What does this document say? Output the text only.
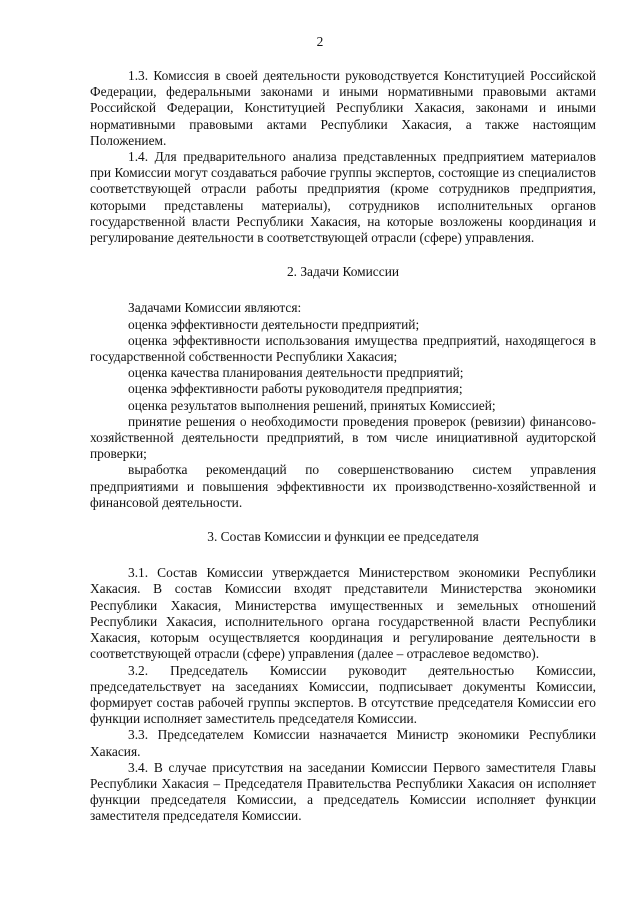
2

1.3. Комиссия в своей деятельности руководствуется Конституцией Российской Федерации, федеральными законами и иными нормативными правовыми актами Российской Федерации, Конституцией Республики Хакасия, законами и иными нормативными правовыми актами Республики Хакасия, а также настоящим Положением.

1.4. Для предварительного анализа представленных предприятием материалов при Комиссии могут создаваться рабочие группы экспертов, состоящие из специалистов соответствующей отрасли работы предприятия (кроме сотрудников предприятия, которыми представлены материалы), сотрудников исполнительных органов государственной власти Республики Хакасия, на которые возложены координация и регулирование деятельности в соответствующей отрасли (сфере) управления.

2. Задачи Комиссии

Задачами Комиссии являются:

оценка эффективности деятельности предприятий;

оценка эффективности использования имущества предприятий, находящегося в государственной собственности Республики Хакасия;

оценка качества планирования деятельности предприятий;

оценка эффективности работы руководителя предприятия;

оценка результатов выполнения решений, принятых Комиссией;

принятие решения о необходимости проведения проверок (ревизии) финансово-хозяйственной деятельности предприятий, в том числе инициативной аудиторской проверки;

выработка рекомендаций по совершенствованию систем управления предприятиями и повышения эффективности их производственно-хозяйственной и финансовой деятельности.

3. Состав Комиссии и функции ее председателя

3.1. Состав Комиссии утверждается Министерством экономики Республики Хакасия. В состав Комиссии входят представители Министерства экономики Республики Хакасия, Министерства имущественных и земельных отношений Республики Хакасия, исполнительного органа государственной власти Республики Хакасия, которым осуществляется координация и регулирование деятельности в соответствующей отрасли (сфере) управления (далее – отраслевое ведомство).

3.2. Председатель Комиссии руководит деятельностью Комиссии, председательствует на заседаниях Комиссии, подписывает документы Комиссии, формирует состав рабочей группы экспертов. В отсутствие председателя Комиссии его функции исполняет заместитель председателя Комиссии.

3.3. Председателем Комиссии назначается Министр экономики Республики Хакасия.

3.4. В случае присутствия на заседании Комиссии Первого заместителя Главы Республики Хакасия – Председателя Правительства Республики Хакасия он исполняет функции председателя Комиссии, а председатель Комиссии исполняет функции заместителя председателя Комиссии.
